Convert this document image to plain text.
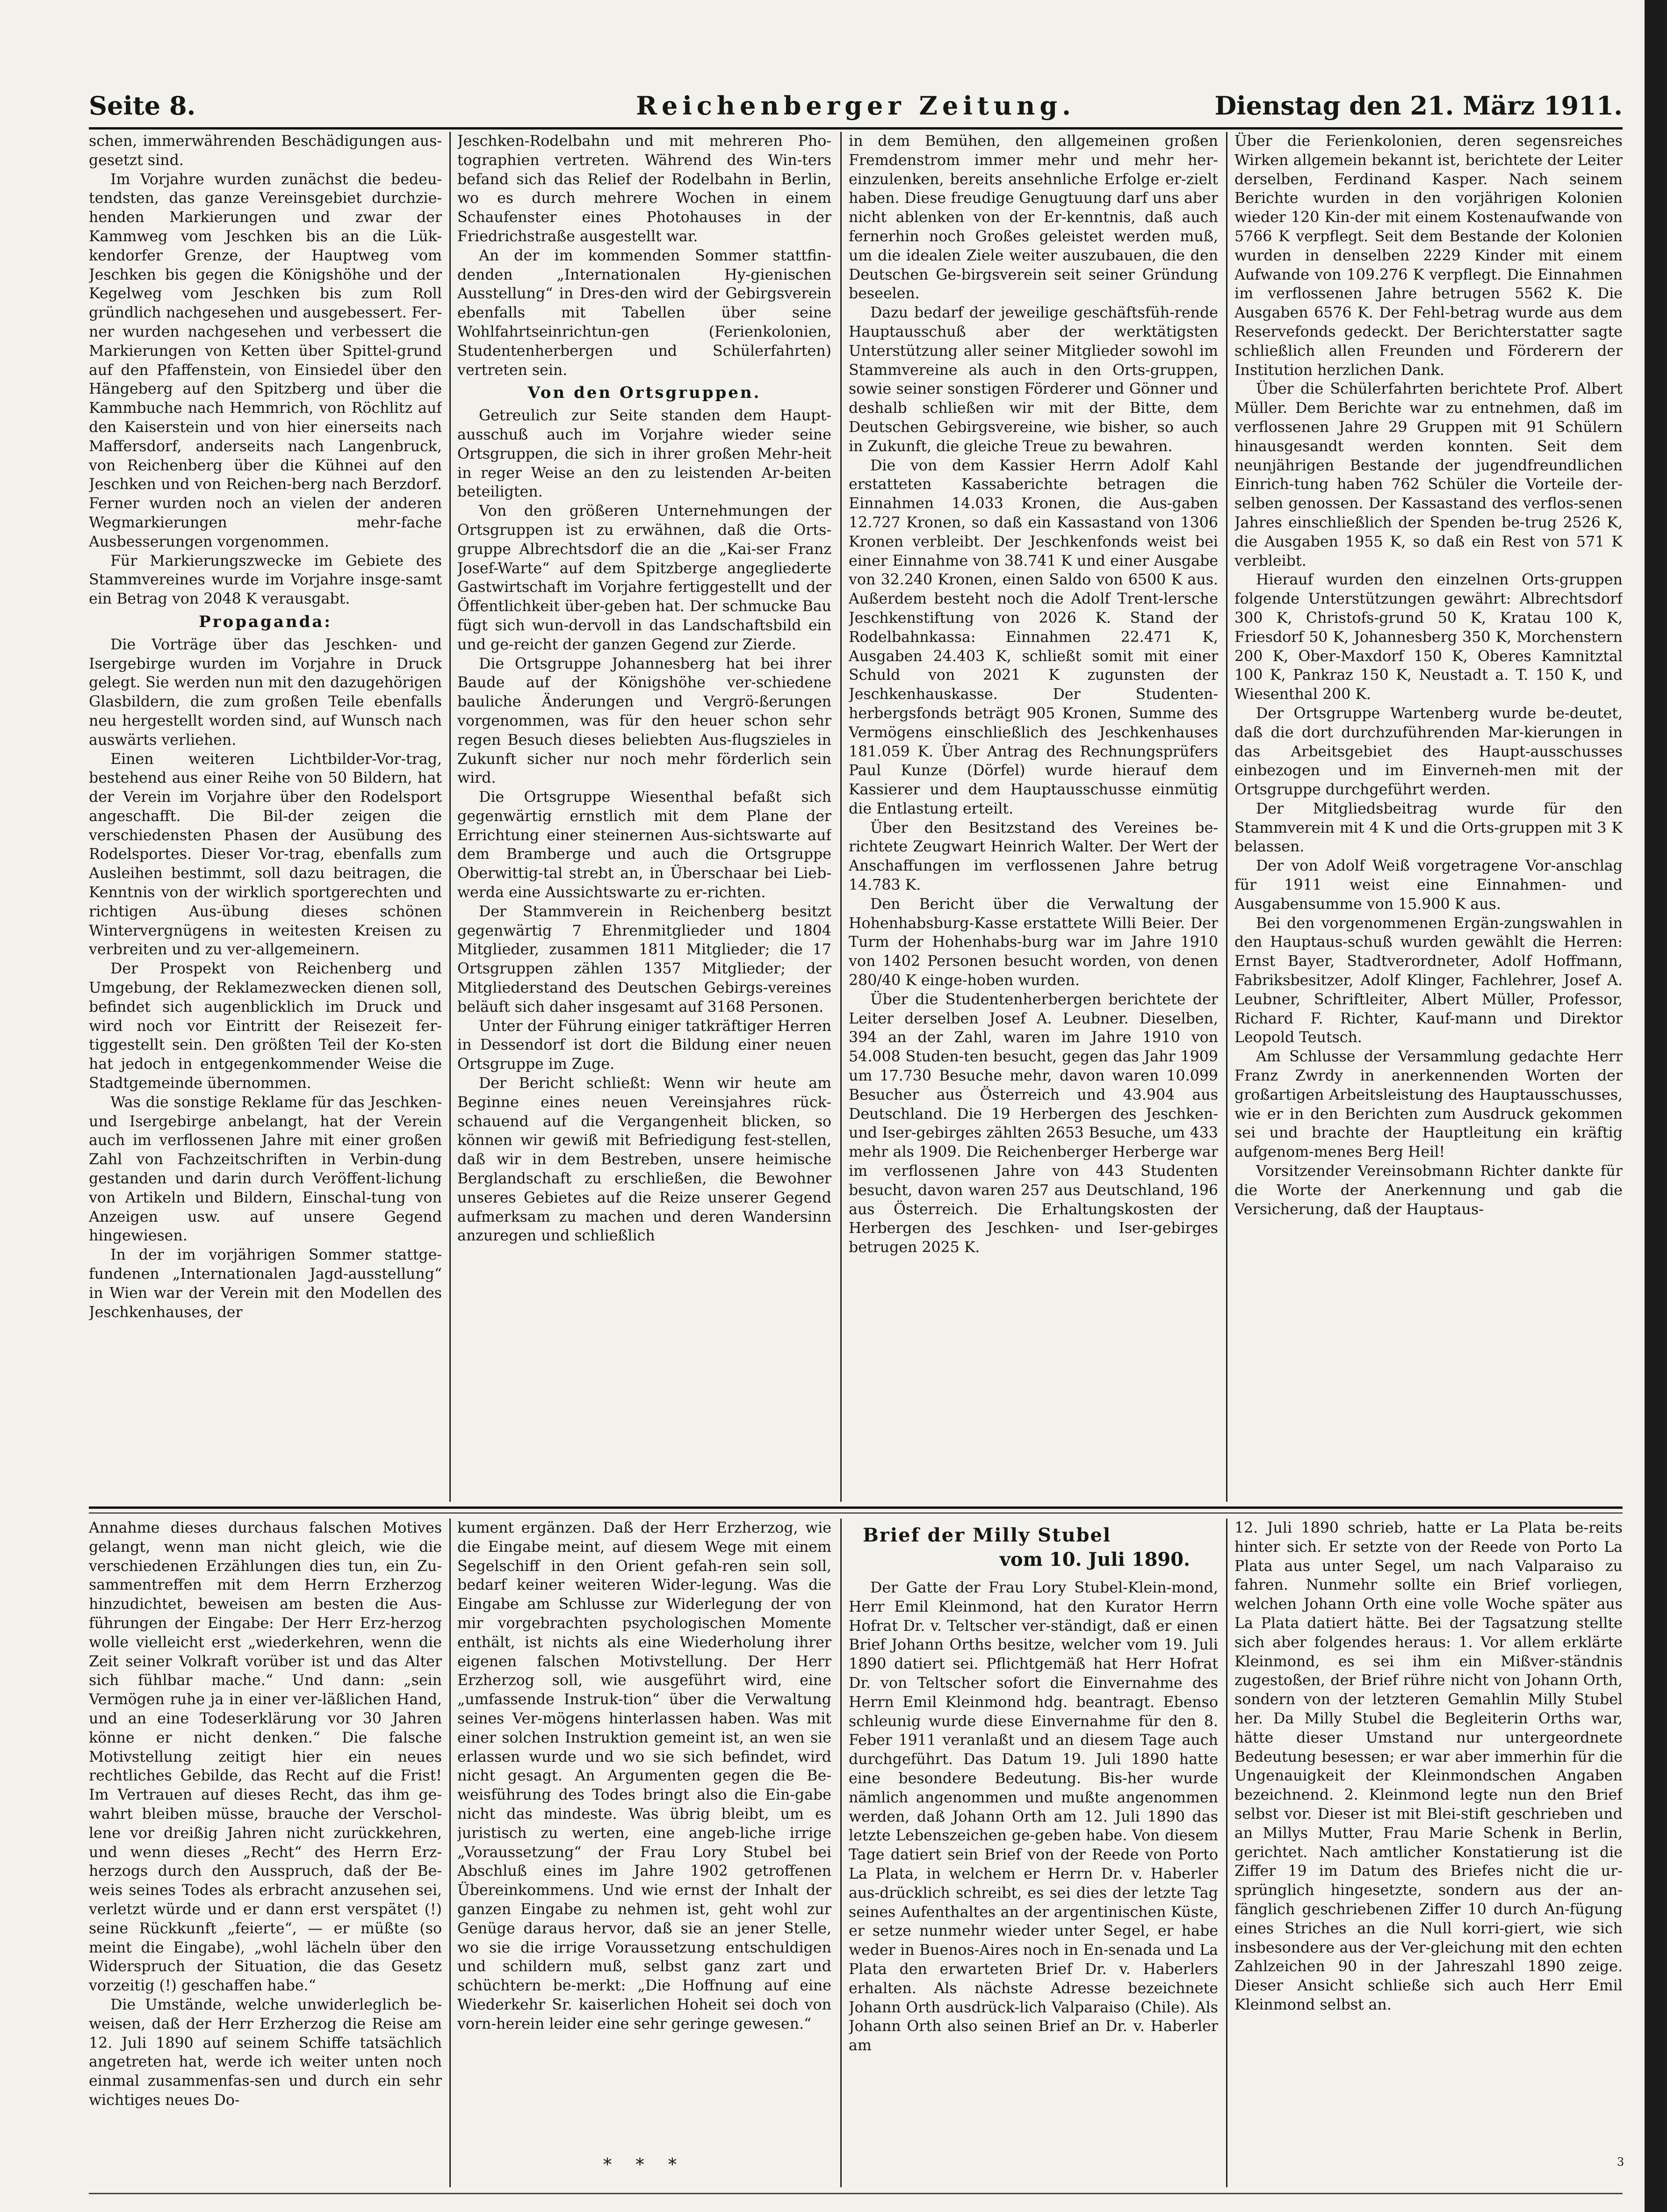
Seite 8.	Reichenberger Zeitung.	Dienstag den 21. März 1911.

schen, immerwährenden Beschädigungen aus-gesetzt sind.

Im Vorjahre wurden zunächst die bedeu-tendsten, das ganze Vereinsgebiet durchzie-henden Markierungen und zwar der Kammweg vom Jeschken bis an die Lük-kendorfer Grenze, der Hauptweg vom Jeschken bis gegen die Königshöhe und der Kegelweg vom Jeschken bis zum Roll gründlich nachgesehen und ausgebessert. Fer-ner wurden nachgesehen und verbessert die Markierungen von Ketten über Spittel-grund auf den Pfaffenstein, von Einsiedel über den Hängeberg auf den Spitzberg und über die Kammbuche nach Hemmrich, von Röchlitz auf den Kaiserstein und von hier einerseits nach Maffersdorf, anderseits nach Langenbruck, von Reichenberg über die Kühnei auf den Jeschken und von Reichen-berg nach Berzdorf. Ferner wurden noch an vielen der anderen Wegmarkierungen mehr-fache Ausbesserungen vorgenommen.

Für Markierungszwecke im Gebiete des Stammvereines wurde im Vorjahre insge-samt ein Betrag von 2048 K verausgabt.

Propaganda:

Die Vorträge über das Jeschken- und Isergebirge wurden im Vorjahre in Druck gelegt. Sie werden nun mit den dazugehörigen Glasbildern, die zum großen Teile ebenfalls neu hergestellt worden sind, auf Wunsch nach auswärts verliehen.

Einen weiteren Lichtbilder-Vor-trag, bestehend aus einer Reihe von 50 Bildern, hat der Verein im Vorjahre über den Rodelsport angeschafft. Die Bil-der zeigen die verschiedensten Phasen der Ausübung des Rodelsportes. Dieser Vor-trag, ebenfalls zum Ausleihen bestimmt, soll dazu beitragen, die Kenntnis von der wirklich sportgerechten und richtigen Aus-übung dieses schönen Wintervergnügens in weitesten Kreisen zu verbreiten und zu ver-allgemeinern.

Der Prospekt von Reichenberg und Umgebung, der Reklamezwecken dienen soll, befindet sich augenblicklich im Druck und wird noch vor Eintritt der Reisezeit fer-tiggestellt sein. Den größten Teil der Ko-sten hat jedoch in entgegenkommender Weise die Stadtgemeinde übernommen.

Was die sonstige Reklame für das Jeschken- und Isergebirge anbelangt, hat der Verein auch im verflossenen Jahre mit einer großen Zahl von Fachzeitschriften in Verbin-dung gestanden und darin durch Veröffent-lichung von Artikeln und Bildern, Einschal-tung von Anzeigen usw. auf unsere Gegend hingewiesen.

In der im vorjährigen Sommer stattge-fundenen „Internationalen Jagd-ausstellung“ in Wien war der Verein mit den Modellen des Jeschkenhauses, der

Jeschken-Rodelbahn und mit mehreren Pho-tographien vertreten. Während des Win-ters befand sich das Relief der Rodelbahn in Berlin, wo es durch mehrere Wochen in einem Schaufenster eines Photohauses in der Friedrichstraße ausgestellt war.

An der im kommenden Sommer stattfin-denden „Internationalen Hy-gienischen Ausstellung“ in Dres-den wird der Gebirgsverein ebenfalls mit Tabellen über seine Wohlfahrtseinrichtun-gen (Ferienkolonien, Studentenherbergen und Schülerfahrten) vertreten sein.

Von den Ortsgruppen.

Getreulich zur Seite standen dem Haupt-ausschuß auch im Vorjahre wieder seine Ortsgruppen, die sich in ihrer großen Mehr-heit in reger Weise an den zu leistenden Ar-beiten beteiligten.

Von den größeren Unternehmungen der Ortsgruppen ist zu erwähnen, daß die Orts-gruppe Albrechtsdorf die an die „Kai-ser Franz Josef-Warte“ auf dem Spitzberge angegliederte Gastwirtschaft im Vorjahre fertiggestellt und der Öffentlichkeit über-geben hat. Der schmucke Bau fügt sich wun-dervoll in das Landschaftsbild ein und ge-reicht der ganzen Gegend zur Zierde.

Die Ortsgruppe Johannesberg hat bei ihrer Baude auf der Königshöhe ver-schiedene bauliche Änderungen und Vergrö-ßerungen vorgenommen, was für den heuer schon sehr regen Besuch dieses beliebten Aus-flugszieles in Zukunft sicher nur noch mehr förderlich sein wird.

Die Ortsgruppe Wiesenthal befaßt sich gegenwärtig ernstlich mit dem Plane der Errichtung einer steinernen Aus-sichtswarte auf dem Bramberge und auch die Ortsgruppe Oberwittig-tal strebt an, in Überschaar bei Lieb-werda eine Aussichtswarte zu er-richten.

Der Stammverein in Reichenberg besitzt gegenwärtig 7 Ehrenmitglieder und 1804 Mitglieder, zusammen 1811 Mitglieder; die 17 Ortsgruppen zählen 1357 Mitglieder; der Mitgliederstand des Deutschen Gebirgs-vereines beläuft sich daher insgesamt auf 3168 Personen.

Unter der Führung einiger tatkräftiger Herren in Dessendorf ist dort die Bildung einer neuen Ortsgruppe im Zuge.

Der Bericht schließt: Wenn wir heute am Beginne eines neuen Vereinsjahres rück-schauend auf die Vergangenheit blicken, so können wir gewiß mit Befriedigung fest-stellen, daß wir in dem Bestreben, unsere heimische Berglandschaft zu erschließen, die Bewohner unseres Gebietes auf die Reize unserer Gegend aufmerksam zu machen und deren Wandersinn anzuregen und schließlich

in dem Bemühen, den allgemeinen großen Fremdenstrom immer mehr und mehr her-einzulenken, bereits ansehnliche Erfolge er-zielt haben. Diese freudige Genugtuung darf uns aber nicht ablenken von der Er-kenntnis, daß auch fernerhin noch Großes geleistet werden muß, um die idealen Ziele weiter auszubauen, die den Deutschen Ge-birgsverein seit seiner Gründung beseelen.

Dazu bedarf der jeweilige geschäftsfüh-rende Hauptausschuß aber der werktätigsten Unterstützung aller seiner Mitglieder sowohl im Stammvereine als auch in den Orts-gruppen, sowie seiner sonstigen Förderer und Gönner und deshalb schließen wir mit der Bitte, dem Deutschen Gebirgsvereine, wie bisher, so auch in Zukunft, die gleiche Treue zu bewahren.

Die von dem Kassier Herrn Adolf Kahl erstatteten Kassaberichte betragen die Einnahmen 14.033 Kronen, die Aus-gaben 12.727 Kronen, so daß ein Kassastand von 1306 Kronen verbleibt. Der Jeschkenfonds weist bei einer Einnahme von 38.741 K und einer Ausgabe von 32.240 Kronen, einen Saldo von 6500 K aus. Außerdem besteht noch die Adolf Trent-lersche Jeschkenstiftung von 2026 K. Stand der Rodelbahnkassa: Einnahmen 22.471 K, Ausgaben 24.403 K, schließt somit mit einer Schuld von 2021 K zugunsten der Jeschkenhauskasse. Der Studenten-herbergsfonds beträgt 905 Kronen, Summe des Vermögens einschließlich des Jeschkenhauses 181.059 K. Über Antrag des Rechnungsprüfers Paul Kunze (Dörfel) wurde hierauf dem Kassierer und dem Hauptausschusse einmütig die Entlastung erteilt.

Über den Besitzstand des Vereines be-richtete Zeugwart Heinrich Walter. Der Wert der Anschaffungen im verflossenen Jahre betrug 14.783 K.

Den Bericht über die Verwaltung der Hohenhabsburg-Kasse erstattete Willi Beier. Der Turm der Hohenhabs-burg war im Jahre 1910 von 1402 Personen besucht worden, von denen 280/40 K einge-hoben wurden.

Über die Studentenherbergen berichtete der Leiter derselben Josef A. Leubner. Dieselben, 394 an der Zahl, waren im Jahre 1910 von 54.008 Studen-ten besucht, gegen das Jahr 1909 um 17.730 Besuche mehr, davon waren 10.099 Besucher aus Österreich und 43.904 aus Deutschland. Die 19 Herbergen des Jeschken- und Iser-gebirges zählten 2653 Besuche, um 433 mehr als 1909. Die Reichenberger Herberge war im verflossenen Jahre von 443 Studenten besucht, davon waren 257 aus Deutschland, 196 aus Österreich. Die Erhaltungskosten der Herbergen des Jeschken- und Iser-gebirges betrugen 2025 K.

Über die Ferienkolonien, deren segensreiches Wirken allgemein bekannt ist, berichtete der Leiter derselben, Ferdinand Kasper. Nach seinem Berichte wurden in den vorjährigen Kolonien wieder 120 Kin-der mit einem Kostenaufwande von 5766 K verpflegt. Seit dem Bestande der Kolonien wurden in denselben 2229 Kinder mit einem Aufwande von 109.276 K verpflegt. Die Einnahmen im verflossenen Jahre betrugen 5562 K. Die Ausgaben 6576 K. Der Fehl-betrag wurde aus dem Reservefonds gedeckt. Der Berichterstatter sagte schließlich allen Freunden und Förderern der Institution herzlichen Dank.

Über die Schülerfahrten berichtete Prof. Albert Müller. Dem Berichte war zu entnehmen, daß im verflossenen Jahre 29 Gruppen mit 91 Schülern hinausgesandt werden konnten. Seit dem neunjährigen Bestande der jugendfreundlichen Einrich-tung haben 762 Schüler die Vorteile der-selben genossen. Der Kassastand des verflos-senen Jahres einschließlich der Spenden be-trug 2526 K, die Ausgaben 1955 K, so daß ein Rest von 571 K verbleibt.

Hierauf wurden den einzelnen Orts-gruppen folgende Unterstützungen gewährt: Albrechtsdorf 300 K, Christofs-grund 50 K, Kratau 100 K, Friesdorf 50 K, Johannesberg 350 K, Morchenstern 200 K, Ober-Maxdorf 150 K, Oberes Kamnitztal 100 K, Pankraz 150 K, Neustadt a. T. 150 K, und Wiesenthal 200 K.

Der Ortsgruppe Wartenberg wurde be-deutet, daß die dort durchzuführenden Mar-kierungen in das Arbeitsgebiet des Haupt-ausschusses einbezogen und im Einverneh-men mit der Ortsgruppe durchgeführt werden.

Der Mitgliedsbeitrag wurde für den Stammverein mit 4 K und die Orts-gruppen mit 3 K belassen.

Der von Adolf Weiß vorgetragene Vor-anschlag für 1911 weist eine Einnahmen- und Ausgabensumme von 15.900 K aus.

Bei den vorgenommenen Ergän-zungswahlen in den Hauptaus-schuß wurden gewählt die Herren: Ernst Bayer, Stadtverordneter, Adolf Hoffmann, Fabriksbesitzer, Adolf Klinger, Fachlehrer, Josef A. Leubner, Schriftleiter, Albert Müller, Professor, Richard F. Richter, Kauf-mann und Direktor Leopold Teutsch.

Am Schlusse der Versammlung gedachte Herr Franz Zwrdy in anerkennenden Worten der großartigen Arbeitsleistung des Hauptausschusses, wie er in den Berichten zum Ausdruck gekommen sei und brachte der Hauptleitung ein kräftig aufgenom-menes Berg Heil!

Vorsitzender Vereinsobmann Richter dankte für die Worte der Anerkennung und gab die Versicherung, daß der Hauptaus-

Annahme dieses durchaus falschen Motives gelangt, wenn man nicht gleich, wie die verschiedenen Erzählungen dies tun, ein Zu-sammentreffen mit dem Herrn Erzherzog hinzudichtet, beweisen am besten die Aus-führungen der Eingabe: Der Herr Erz-herzog wolle vielleicht erst „wiederkehren, wenn die Zeit seiner Volkraft vorüber ist und das Alter sich fühlbar mache.“ Und dann: „sein Vermögen ruhe ja in einer ver-läßlichen Hand, und an eine Todeserklärung vor 30 Jahren könne er nicht denken.“ Die falsche Motivstellung zeitigt hier ein neues rechtliches Gebilde, das Recht auf die Frist! Im Vertrauen auf dieses Recht, das ihm ge-wahrt bleiben müsse, brauche der Verschol-lene vor dreißig Jahren nicht zurückkehren, und wenn dieses „Recht“ des Herrn Erz-herzogs durch den Ausspruch, daß der Be-weis seines Todes als erbracht anzusehen sei, verletzt würde und er dann erst verspätet (!) seine Rückkunft „feierte“, — er müßte (so meint die Eingabe), „wohl lächeln über den Widerspruch der Situation, die das Gesetz vorzeitig (!) geschaffen habe.“

Die Umstände, welche unwiderleglich be-weisen, daß der Herr Erzherzog die Reise am 12. Juli 1890 auf seinem Schiffe tatsächlich angetreten hat, werde ich weiter unten noch einmal zusammenfas-sen und durch ein sehr wichtiges neues Do-

kument ergänzen. Daß der Herr Erzherzog, wie die Eingabe meint, auf diesem Wege mit einem Segelschiff in den Orient gefah-ren sein soll, bedarf keiner weiteren Wider-legung. Was die Eingabe am Schlusse zur Widerlegung der von mir vorgebrachten psychologischen Momente enthält, ist nichts als eine Wiederholung ihrer eigenen falschen Motivstellung. Der Herr Erzherzog soll, wie ausgeführt wird, eine „umfassende Instruk-tion“ über die Verwaltung seines Ver-mögens hinterlassen haben. Was mit einer solchen Instruktion gemeint ist, an wen sie erlassen wurde und wo sie sich befindet, wird nicht gesagt. An Argumenten gegen die Be-weisführung des Todes bringt also die Ein-gabe nicht das mindeste. Was übrig bleibt, um es juristisch zu werten, eine angeb-liche irrige „Voraussetzung“ der Frau Lory Stubel bei Abschluß eines im Jahre 1902 getroffenen Übereinkommens. Und wie ernst der Inhalt der ganzen Eingabe zu nehmen ist, geht wohl zur Genüge daraus hervor, daß sie an jener Stelle, wo sie die irrige Voraussetzung entschuldigen und schildern muß, selbst ganz zart und schüchtern be-merkt: „Die Hoffnung auf eine Wiederkehr Sr. kaiserlichen Hoheit sei doch von vorn-herein leider eine sehr geringe gewesen.“

Brief der Milly Stubel
vom 10. Juli 1890.

Der Gatte der Frau Lory Stubel-Klein-mond, Herr Emil Kleinmond, hat den Kurator Herrn Hofrat Dr. v. Teltscher ver-ständigt, daß er einen Brief Johann Orths besitze, welcher vom 19. Juli 1890 datiert sei. Pflichtgemäß hat Herr Hofrat Dr. von Teltscher sofort die Einvernahme des Herrn Emil Kleinmond hdg. beantragt. Ebenso schleunig wurde diese Einvernahme für den 8. Feber 1911 veranlaßt und an diesem Tage auch durchgeführt. Das Datum 19. Juli 1890 hatte eine besondere Bedeutung. Bis-her wurde nämlich angenommen und mußte angenommen werden, daß Johann Orth am 12. Juli 1890 das letzte Lebenszeichen ge-geben habe. Von diesem Tage datiert sein Brief von der Reede von Porto La Plata, in welchem er Herrn Dr. v. Haberler aus-drücklich schreibt, es sei dies der letzte Tag seines Aufenthaltes an der argentinischen Küste, er setze nunmehr wieder unter Segel, er habe weder in Buenos-Aires noch in En-senada und La Plata den erwarteten Brief Dr. v. Haberlers erhalten. Als nächste Adresse bezeichnete Johann Orth ausdrück-lich Valparaiso (Chile). Als Johann Orth also seinen Brief an Dr. v. Haberler am

12. Juli 1890 schrieb, hatte er La Plata be-reits hinter sich. Er setzte von der Reede von Porto La Plata aus unter Segel, um nach Valparaiso zu fahren. Nunmehr sollte ein Brief vorliegen, welchen Johann Orth eine volle Woche später aus La Plata datiert hätte. Bei der Tagsatzung stellte sich aber folgendes heraus: 1. Vor allem erklärte Kleinmond, es sei ihm ein Mißver-ständnis zugestoßen, der Brief rühre nicht von Johann Orth, sondern von der letzteren Gemahlin Milly Stubel her. Da Milly Stubel die Begleiterin Orths war, hätte dieser Umstand nur untergeordnete Bedeutung besessen; er war aber immerhin für die Ungenauigkeit der Kleinmondschen Angaben bezeichnend. 2. Kleinmond legte nun den Brief selbst vor. Dieser ist mit Blei-stift geschrieben und an Millys Mutter, Frau Marie Schenk in Berlin, gerichtet. Nach amtlicher Konstatierung ist die Ziffer 19 im Datum des Briefes nicht die ur-sprünglich hingesetzte, sondern aus der an-fänglich geschriebenen Ziffer 10 durch An-fügung eines Striches an die Null korri-giert, wie sich insbesondere aus der Ver-gleichung mit den echten Zahlzeichen 90 in der Jahreszahl 1890 zeige. Dieser Ansicht schließe sich auch Herr Emil Kleinmond selbst an.

* * *	3
